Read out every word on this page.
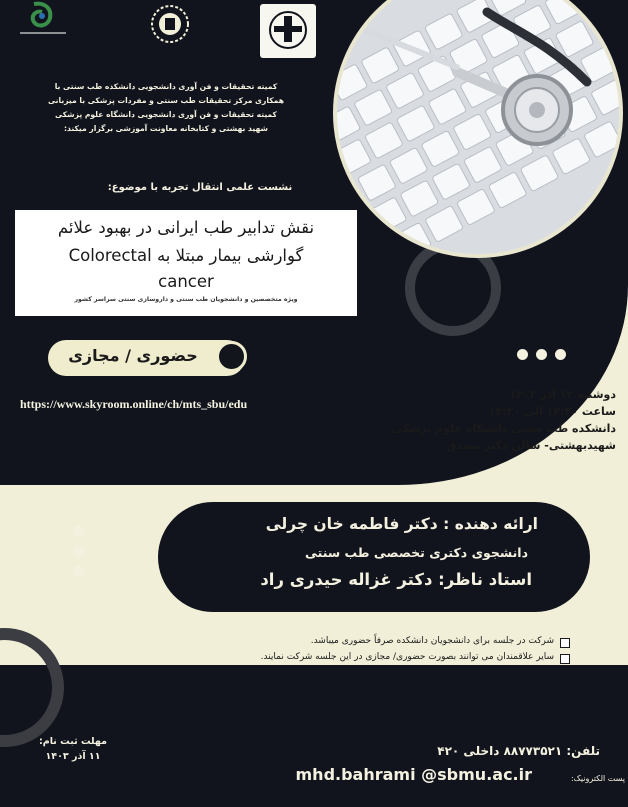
کمیته تحقیقات و فن آوری دانشجویی دانشکده طب سنتی با
همکاری مرکز تحقیقات طب سنتی و مفردات پزشکی با میزبانی
کمیته تحقیقات و فن آوری دانشجویی دانشگاه علوم پزشکی
شهید بهشتی و کتابخانه معاونت آموزشی برگزار میکند:

نشست علمی انتقال تجربه با موضوع:

نقش تدابیر طب ایرانی در بهبود علائم
گوارشی بیمار مبتلا به Colorectal
cancer
ویژه متخصصین و دانشجویان طب سنتی و داروسازی سنتی سراسر کشور
حضوری / مجازی

https://www.skyroom.online/ch/mts_sbu/edu

دوشنبه ۱۲ آذر ۱۴۰۳
ساعت ۱۲:۳۰ الی ۱۳:۳۰
دانشکده طب سنتی دانشگاه علوم پزشکی
شهیدبهشتی- سالن دکتر مصدق

ارائه دهنده : دکتر فاطمه خان چرلی
دانشجوی دکتری تخصصی طب سنتی
استاد ناظر: دکتر غزاله حیدری راد
شرکت در جلسه برای دانشجویان دانشکده صرفاً حضوری میباشد.
سایر علاقمندان می توانند بصورت حضوری/ مجازی در این جلسه شرکت نمایند.

مهلت ثبت نام:
۱۱ آذر ۱۴۰۳	تلفن: ۸۸۷۷۳۵۲۱ داخلی ۴۲۰

پست الکترونیک:

mhd.bahrami @sbmu.ac.ir
